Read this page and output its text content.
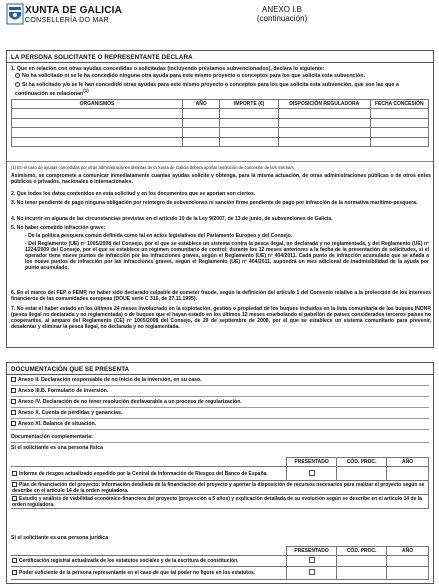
XUNTA DE GALICIA
CONSELLERÍA DO MAR
ANEXO I.B
(continuación)
LA PERSONA SOLICITANTE O REPRESENTANTE DECLARA
1. Que en relación con otras ayudas concedidas o solicitadas (incluyendo préstamos subvencionados), declara lo siguiente:
No ha solicitado ni se le ha concedido ninguna otra ayuda para este mismo proyecto o conceptos para los que solicita esta subvención.
Sí ha solicitado y/o se le han concedido otras ayudas para este mismo proyecto o conceptos para los que solicita esta subvención, que son las que a continuación se relacionan$^{(1)}$
ORGANISMOS	AÑO	IMPORTE (€)	DISPOSICIÓN REGULADORA	FECHA CONCESIÓN

(1) En el caso de ayudas concedidas por otras administraciones distintas de la Xunta de Galicia deberá aportar resolución de concesión de la/s misma/s.
Asimismo, se compromete a comunicar inmediatamente cuantas ayudas solicite y obtenga, para la misma actuación, de otras administraciones públicas o de otros entes públicos o privados, nacionales o internacionales.
2. Que todos los datos contenidos en esta solicitud y en los documentos que se aportan son ciertos.
3. No tener pendiente de pago ninguna obligación por reintegro de subvenciones ni sanción firme pendiente de pago por infracción de la normativa marítimo-pesquera.
4. No incurrir en alguna de las circunstancias previstas en el artículo 10 de la Ley 9/2007, de 13 de junio, de subvenciones de Galicia.
5. No haber cometido infracción grave:
- De la política pesquera común definida como tal en actos legislativos del Parlamento Europeo y del Consejo.
- Del Reglamento (UE) nº 1005/2008 del Consejo, por el que se establece un sistema contra la pesca ilegal, no declarada y no reglamentada, y del Reglamento (UE) nº 1224/2009 del Consejo, por el que se establece un régimen comunitario de control; durante los 12 meses anteriores a la fecha de la presentación de solicitudes, si el operador tiene nueve puntos de infracción por las infracciones graves, según el Reglamento (UE) nº 404/2011. Cada punto de infracción acumulado que se añada a los nueve puntos de infracción por las infracciones graves, según el Reglamento (UE) nº 404/2011, supondrá un mes adicional de inadmisibilidad de la ayuda por punto acumulado.
6. En el marco del FEP o FEMP, no haber sido declarado culpable de cometer fraude, según la definición del artículo 1 del Convenio relativo a la protección de los intereses financieros de las comunidades europeas (DOUE serie C 316, de 27.11.1995).
7. No estar el haber estado en los últimos 24 meses involucrado en la explotación, gestión o propiedad de los buques incluidos en la lista comunitaria de los buques INDNR (pesca ilegal no declarada y no reglamentada) o de buques que el hayan estado en los últimos 12 meses enarbolando el pabellón de países considerados terceros países no cooperantes, al amparo del Reglamento (CE) nº 1005/2008 del Consejo, de 29 de septiembre de 2008, por el que se establece un sistema comunitario para prevenir, desalentar y eliminar la pesca ilegal, no declarada y no reglamentada.
DOCUMENTACIÓN QUE SE PRESENTA
Anexo II. Declaración responsable de no inicio de la inversión, en su caso.
Anexo III.B. Formulario de inversión.
Anexo IV. Declaración de no tener resolución desfavorable a un proceso de regularización.
Anexo X. Cuenta de pérdidas y ganancias.
Anexo XI. Balance de situación.
Documentación complementaria:
Si el solicitante es una persona física
	PRESENTADO	CÓD. PROC.	AÑO
Informe de riesgos actualizado expedido por la Central de Información de Riesgos del Banco de España.			
Plan de financiación del proyecto: información detallada de la financiación del proyecto y aportar la disposición de recursos necesarios para realizar el proyecto según se describe en el artículo 14 de la orden reguladora.			
Estudio y análisis de viabilidad económico-financiera del proyecto (proyección a 5 años) y explicación detallada de su evolución según se describe en el artículo 14 de la orden reguladora.			
Si el solicitante es una persona jurídica
	PRESENTADO	CÓD. PROC.	AÑO
Certificación registral actualizada de los estatutos sociales y de la escritura de constitución.			
Poder suficiente de la persona representante en el caso de que tal poder no figure en los estatutos.			
